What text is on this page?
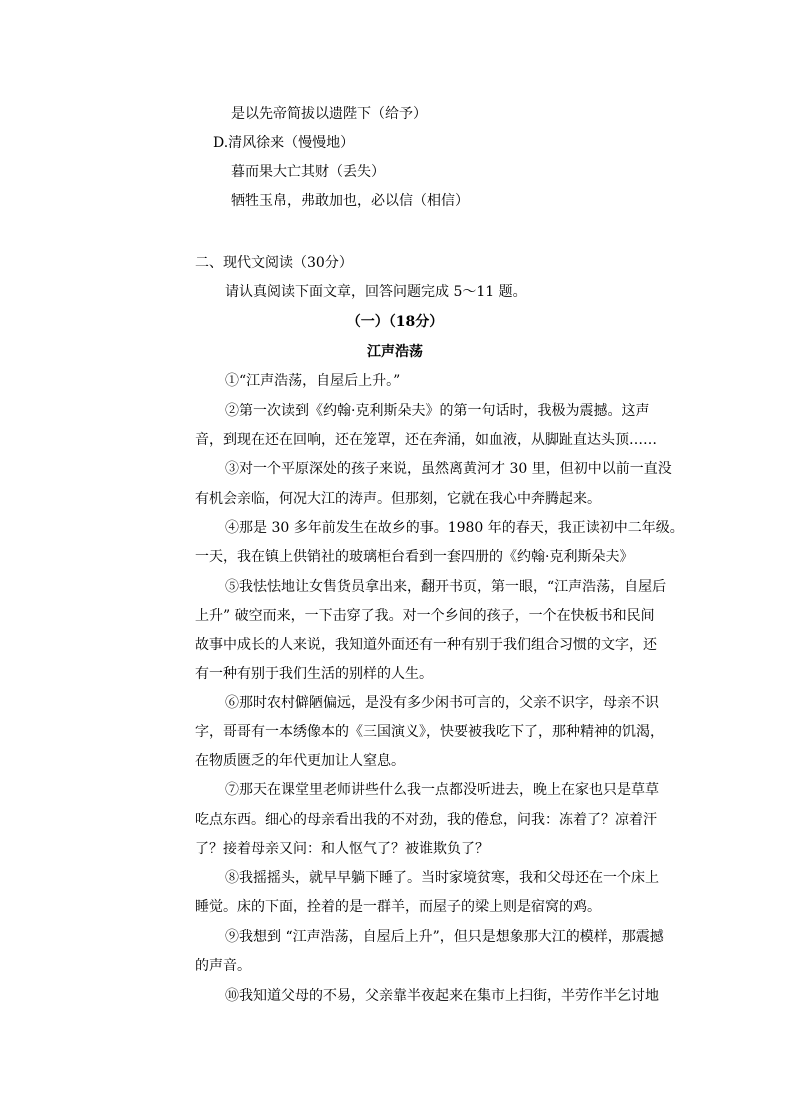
是以先帝简拔以遗陛下（给予）
D.清风徐来（慢慢地）
暮而果大亡其财（丢失）
牺牲玉帛，弗敢加也，必以信（相信）
二、现代文阅读（30分）
请认真阅读下面文章，回答问题完成 5～11 题。
（一）（18分）
江声浩荡
①“江声浩荡，自屋后上升。”
②第一次读到《约翰·克利斯朵夫》的第一句话时，我极为震撼。这声
音，到现在还在回响，还在笼罩，还在奔涌，如血液，从脚趾直达头顶……
③对一个平原深处的孩子来说，虽然离黄河才 30 里，但初中以前一直没
有机会亲临，何况大江的涛声。但那刻，它就在我心中奔腾起来。
④那是 30 多年前发生在故乡的事。1980 年的春天，我正读初中二年级。
一天，我在镇上供销社的玻璃柜台看到一套四册的《约翰·克利斯朵夫》
⑤我怯怯地让女售货员拿出来，翻开书页，第一眼，“江声浩荡，自屋后
上升” 破空而来，一下击穿了我。对一个乡间的孩子，一个在快板书和民间
故事中成长的人来说，我知道外面还有一种有别于我们组合习惯的文字，还
有一种有别于我们生活的别样的人生。
⑥那时农村僻陋偏远，是没有多少闲书可言的，父亲不识字，母亲不识
字，哥哥有一本绣像本的《三国演义》，快要被我吃下了，那种精神的饥渴，
在物质匮乏的年代更加让人窒息。
⑦那天在课堂里老师讲些什么我一点都没听进去，晚上在家也只是草草
吃点东西。细心的母亲看出我的不对劲，我的倦怠，问我：冻着了？凉着汗
了？接着母亲又问：和人怄气了？被谁欺负了？
⑧我摇摇头，就早早躺下睡了。当时家境贫寒，我和父母还在一个床上
睡觉。床的下面，拴着的是一群羊，而屋子的梁上则是宿窝的鸡。
⑨我想到 “江声浩荡，自屋后上升”，但只是想象那大江的模样，那震撼
的声音。
⑩我知道父母的不易，父亲靠半夜起来在集市上扫街，半劳作半乞讨地
